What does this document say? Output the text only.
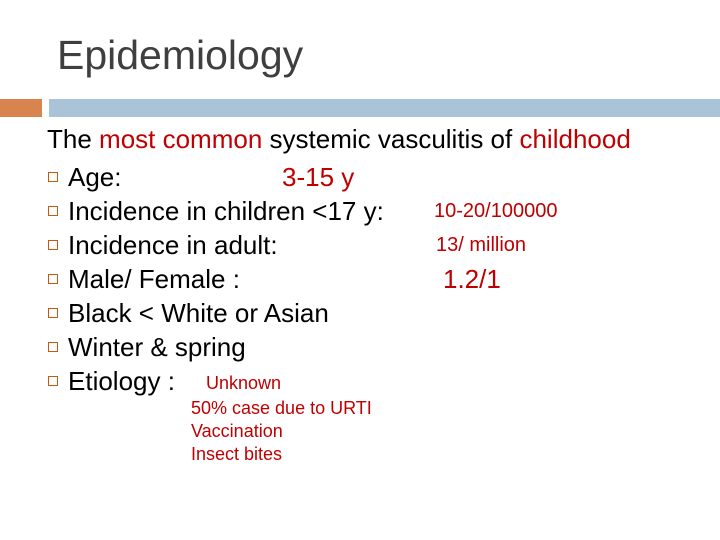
Epidemiology
The most common systemic vasculitis of childhood
Age:	3-15 y
Incidence in children <17 y:	10-20/100000
Incidence in adult:	13/ million
Male/ Female :	1.2/1
Black < White or Asian
Winter & spring
Etiology : Unknown
50% case due to URTI
Vaccination
Insect bites
